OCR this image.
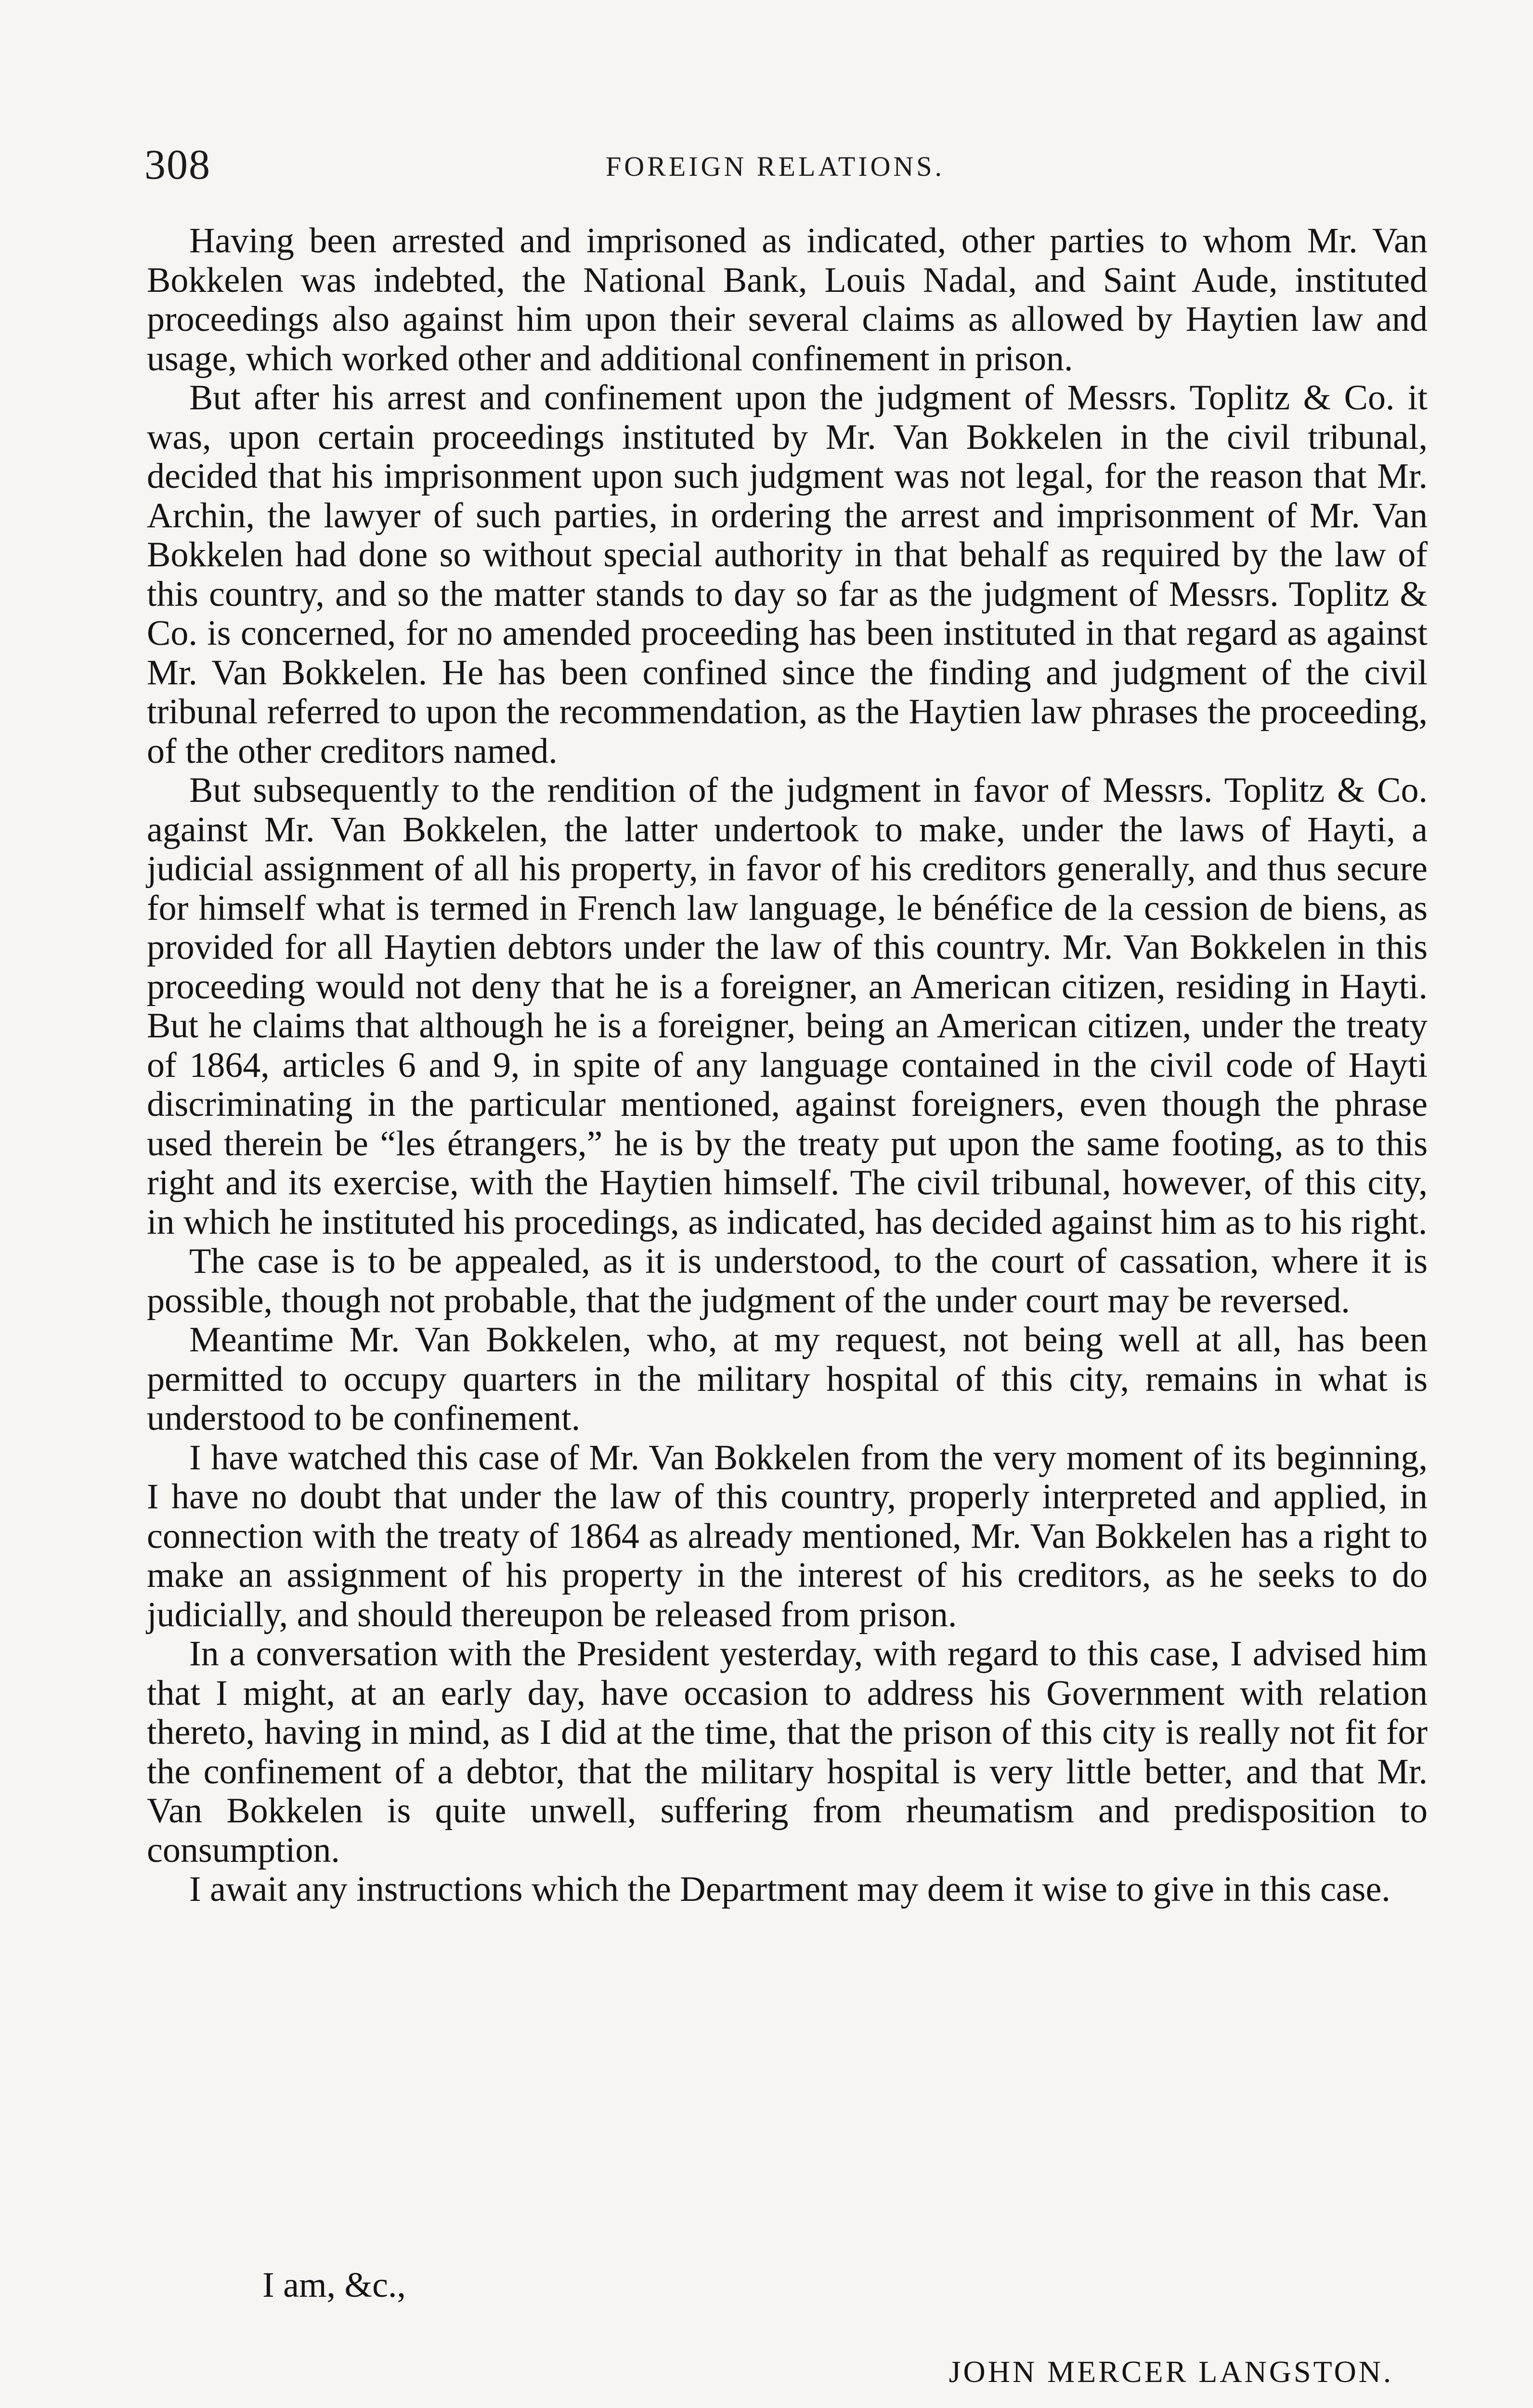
308	FOREIGN RELATIONS.

Having been arrested and imprisoned as indicated, other parties to whom Mr. Van Bokkelen was indebted, the National Bank, Louis Nadal, and Saint Aude, instituted proceedings also against him upon their several claims as allowed by Haytien law and usage, which worked other and additional confinement in prison.

But after his arrest and confinement upon the judgment of Messrs. Toplitz & Co. it was, upon certain proceedings instituted by Mr. Van Bokkelen in the civil tribunal, decided that his imprisonment upon such judgment was not legal, for the reason that Mr. Archin, the lawyer of such parties, in ordering the arrest and imprisonment of Mr. Van Bokkelen had done so without special authority in that behalf as required by the law of this country, and so the matter stands to day so far as the judgment of Messrs. Toplitz & Co. is concerned, for no amended proceeding has been instituted in that regard as against Mr. Van Bokkelen. He has been confined since the finding and judgment of the civil tribunal referred to upon the recommendation, as the Haytien law phrases the proceeding, of the other creditors named.

But subsequently to the rendition of the judgment in favor of Messrs. Toplitz & Co. against Mr. Van Bokkelen, the latter undertook to make, under the laws of Hayti, a judicial assignment of all his property, in favor of his creditors generally, and thus secure for himself what is termed in French law language, le bénéfice de la cession de biens, as provided for all Haytien debtors under the law of this country. Mr. Van Bokkelen in this proceeding would not deny that he is a foreigner, an American citizen, residing in Hayti. But he claims that although he is a foreigner, being an American citizen, under the treaty of 1864, articles 6 and 9, in spite of any language contained in the civil code of Hayti discriminating in the particular mentioned, against foreigners, even though the phrase used therein be “les étrangers,” he is by the treaty put upon the same footing, as to this right and its exercise, with the Haytien himself. The civil tribunal, however, of this city, in which he instituted his procedings, as indicated, has decided against him as to his right.

The case is to be appealed, as it is understood, to the court of cassation, where it is possible, though not probable, that the judgment of the under court may be reversed.

Meantime Mr. Van Bokkelen, who, at my request, not being well at all, has been permitted to occupy quarters in the military hospital of this city, remains in what is understood to be confinement.

I have watched this case of Mr. Van Bokkelen from the very moment of its beginning, I have no doubt that under the law of this country, properly interpreted and applied, in connection with the treaty of 1864 as already mentioned, Mr. Van Bokkelen has a right to make an assignment of his property in the interest of his creditors, as he seeks to do judicially, and should thereupon be released from prison.

In a conversation with the President yesterday, with regard to this case, I advised him that I might, at an early day, have occasion to address his Government with relation thereto, having in mind, as I did at the time, that the prison of this city is really not fit for the confinement of a debtor, that the military hospital is very little better, and that Mr. Van Bokkelen is quite unwell, suffering from rheumatism and predisposition to consumption.

I await any instructions which the Department may deem it wise to give in this case.

I am, &c.,
JOHN MERCER LANGSTON.
